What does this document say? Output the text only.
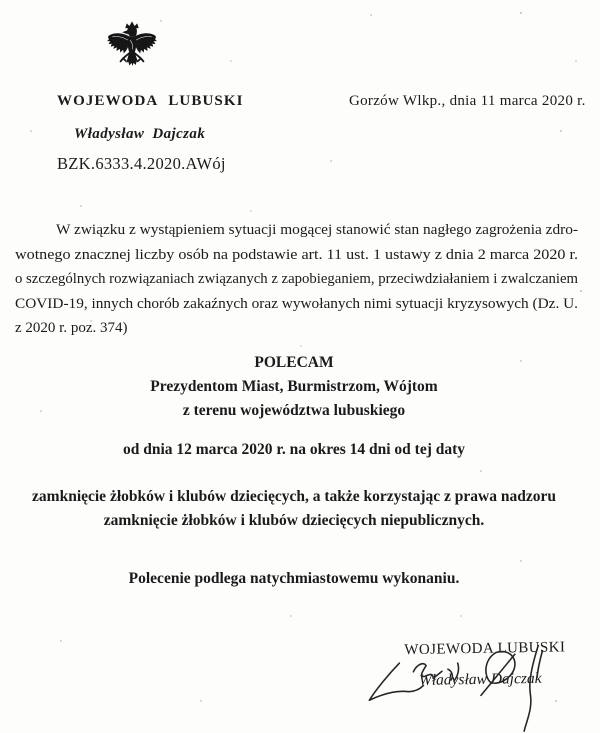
WOJEWODA LUBUSKI	Gorzów Wlkp., dnia 11 marca 2020 r.
Władysław Dajczak
BZK.6333.4.2020.AWój
W związku z wystąpieniem sytuacji mogącej stanowić stan nagłego zagrożenia zdro-
wotnego znacznej liczby osób na podstawie art. 11 ust. 1 ustawy z dnia 2 marca 2020 r.
o szczególnych rozwiązaniach związanych z zapobieganiem, przeciwdziałaniem i zwalczaniem
COVID-19, innych chorób zakaźnych oraz wywołanych nimi sytuacji kryzysowych (Dz. U.
z 2020 r. poz. 374)
POLECAM
Prezydentom Miast, Burmistrzom, Wójtom
z terenu województwa lubuskiego
od dnia 12 marca 2020 r. na okres 14 dni od tej daty
zamknięcie żłobków i klubów dziecięcych, a także korzystając z prawa nadzoru
zamknięcie żłobków i klubów dziecięcych niepublicznych.
Polecenie podlega natychmiastowemu wykonaniu.
WOJEWODA LUBUSKI
Władysław Dajczak
